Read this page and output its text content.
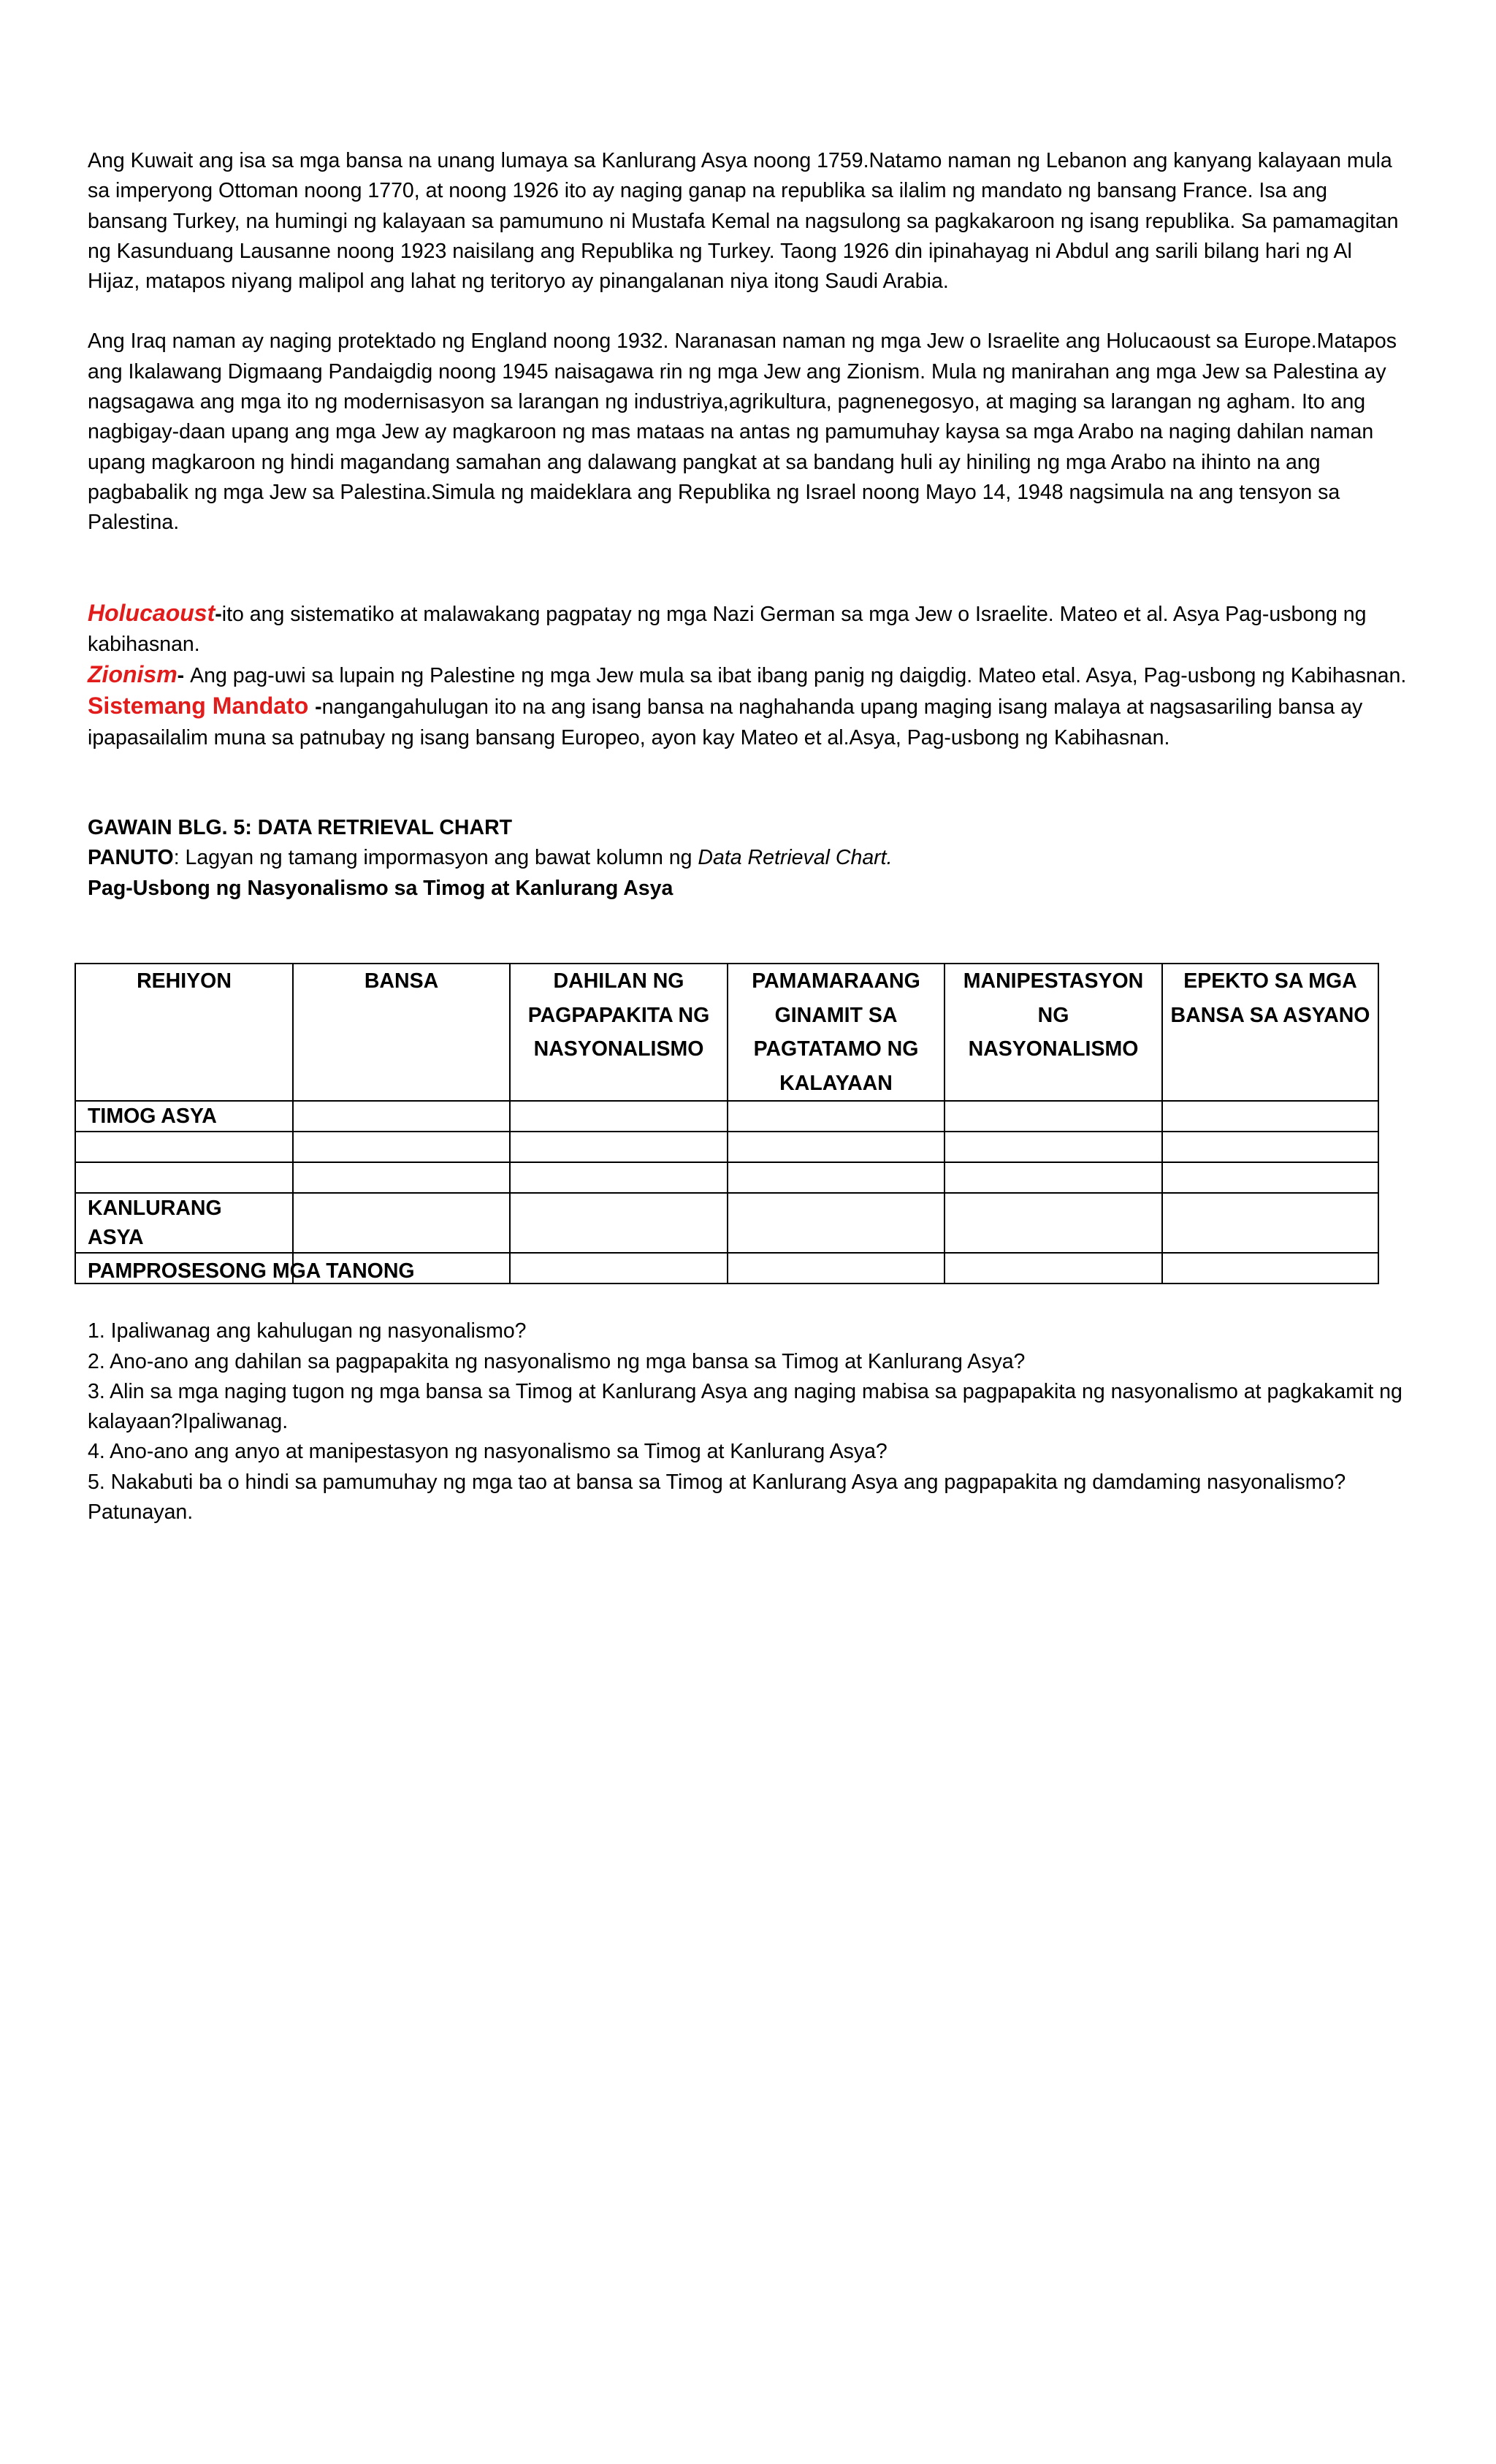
Ang Kuwait ang isa sa mga bansa na unang lumaya sa Kanlurang Asya noong 1759.Natamo naman ng Lebanon ang kanyang kalayaan mula sa imperyong Ottoman noong 1770, at noong 1926 ito ay naging ganap na republika sa ilalim ng mandato ng bansang France. Isa ang bansang Turkey, na humingi ng kalayaan sa pamumuno ni Mustafa Kemal na nagsulong sa pagkakaroon ng isang republika. Sa pamamagitan ng Kasunduang Lausanne noong 1923 naisilang ang Republika ng Turkey. Taong 1926 din ipinahayag ni Abdul ang sarili bilang hari ng Al Hijaz, matapos niyang malipol ang lahat ng teritoryo ay pinangalanan niya itong Saudi Arabia.

Ang Iraq naman ay naging protektado ng England noong 1932. Naranasan naman ng mga Jew o Israelite ang Holucaoust sa Europe.Matapos ang Ikalawang Digmaang Pandaigdig noong 1945 naisagawa rin ng mga Jew ang Zionism. Mula ng manirahan ang mga Jew sa Palestina ay nagsagawa ang mga ito ng modernisasyon sa larangan ng industriya,agrikultura, pagnenegosyo, at maging sa larangan ng agham. Ito ang nagbigay-daan upang ang mga Jew ay magkaroon ng mas mataas na antas ng pamumuhay kaysa sa mga Arabo na naging dahilan naman upang magkaroon ng hindi magandang samahan ang dalawang pangkat at sa bandang huli ay hiniling ng mga Arabo na ihinto na ang pagbabalik ng mga Jew sa Palestina.Simula ng maideklara ang Republika ng Israel noong Mayo 14, 1948 nagsimula na ang tensyon sa Palestina.

Holucaoust-ito ang sistematiko at malawakang pagpatay ng mga Nazi German sa mga Jew o Israelite. Mateo et al. Asya Pag-usbong ng kabihasnan.

Zionism- Ang pag-uwi sa lupain ng Palestine ng mga Jew mula sa ibat ibang panig ng daigdig. Mateo etal. Asya, Pag-usbong ng Kabihasnan.

Sistemang Mandato -nangangahulugan ito na ang isang bansa na naghahanda upang maging isang malaya at nagsasariling bansa ay ipapasailalim muna sa patnubay ng isang bansang Europeo, ayon kay Mateo et al.Asya, Pag-usbong ng Kabihasnan.

GAWAIN BLG. 5: DATA RETRIEVAL CHART

PANUTO: Lagyan ng tamang impormasyon ang bawat kolumn ng Data Retrieval Chart.

Pag-Usbong ng Nasyonalismo sa Timog at Kanlurang Asya

REHIYON	BANSA	DAHILAN NG PAGPAPAKITA NG NASYONALISMO	PAMAMARAANG GINAMIT SA PAGTATAMO NG KALAYAAN	MANIPESTASYON NG NASYONALISMO	EPEKTO SA MGA BANSA SA ASYANO
TIMOG ASYA					

KANLURANG ASYA					

PAMPROSESONG MGA TANONG

1. Ipaliwanag ang kahulugan ng nasyonalismo?
2. Ano-ano ang dahilan sa pagpapakita ng nasyonalismo ng mga bansa sa Timog at Kanlurang Asya?
3. Alin sa mga naging tugon ng mga bansa sa Timog at Kanlurang Asya ang naging mabisa sa pagpapakita ng nasyonalismo at pagkakamit ng kalayaan?Ipaliwanag.
4. Ano-ano ang anyo at manipestasyon ng nasyonalismo sa Timog at Kanlurang Asya?
5. Nakabuti ba o hindi sa pamumuhay ng mga tao at bansa sa Timog at Kanlurang Asya ang pagpapakita ng damdaming nasyonalismo? Patunayan.
